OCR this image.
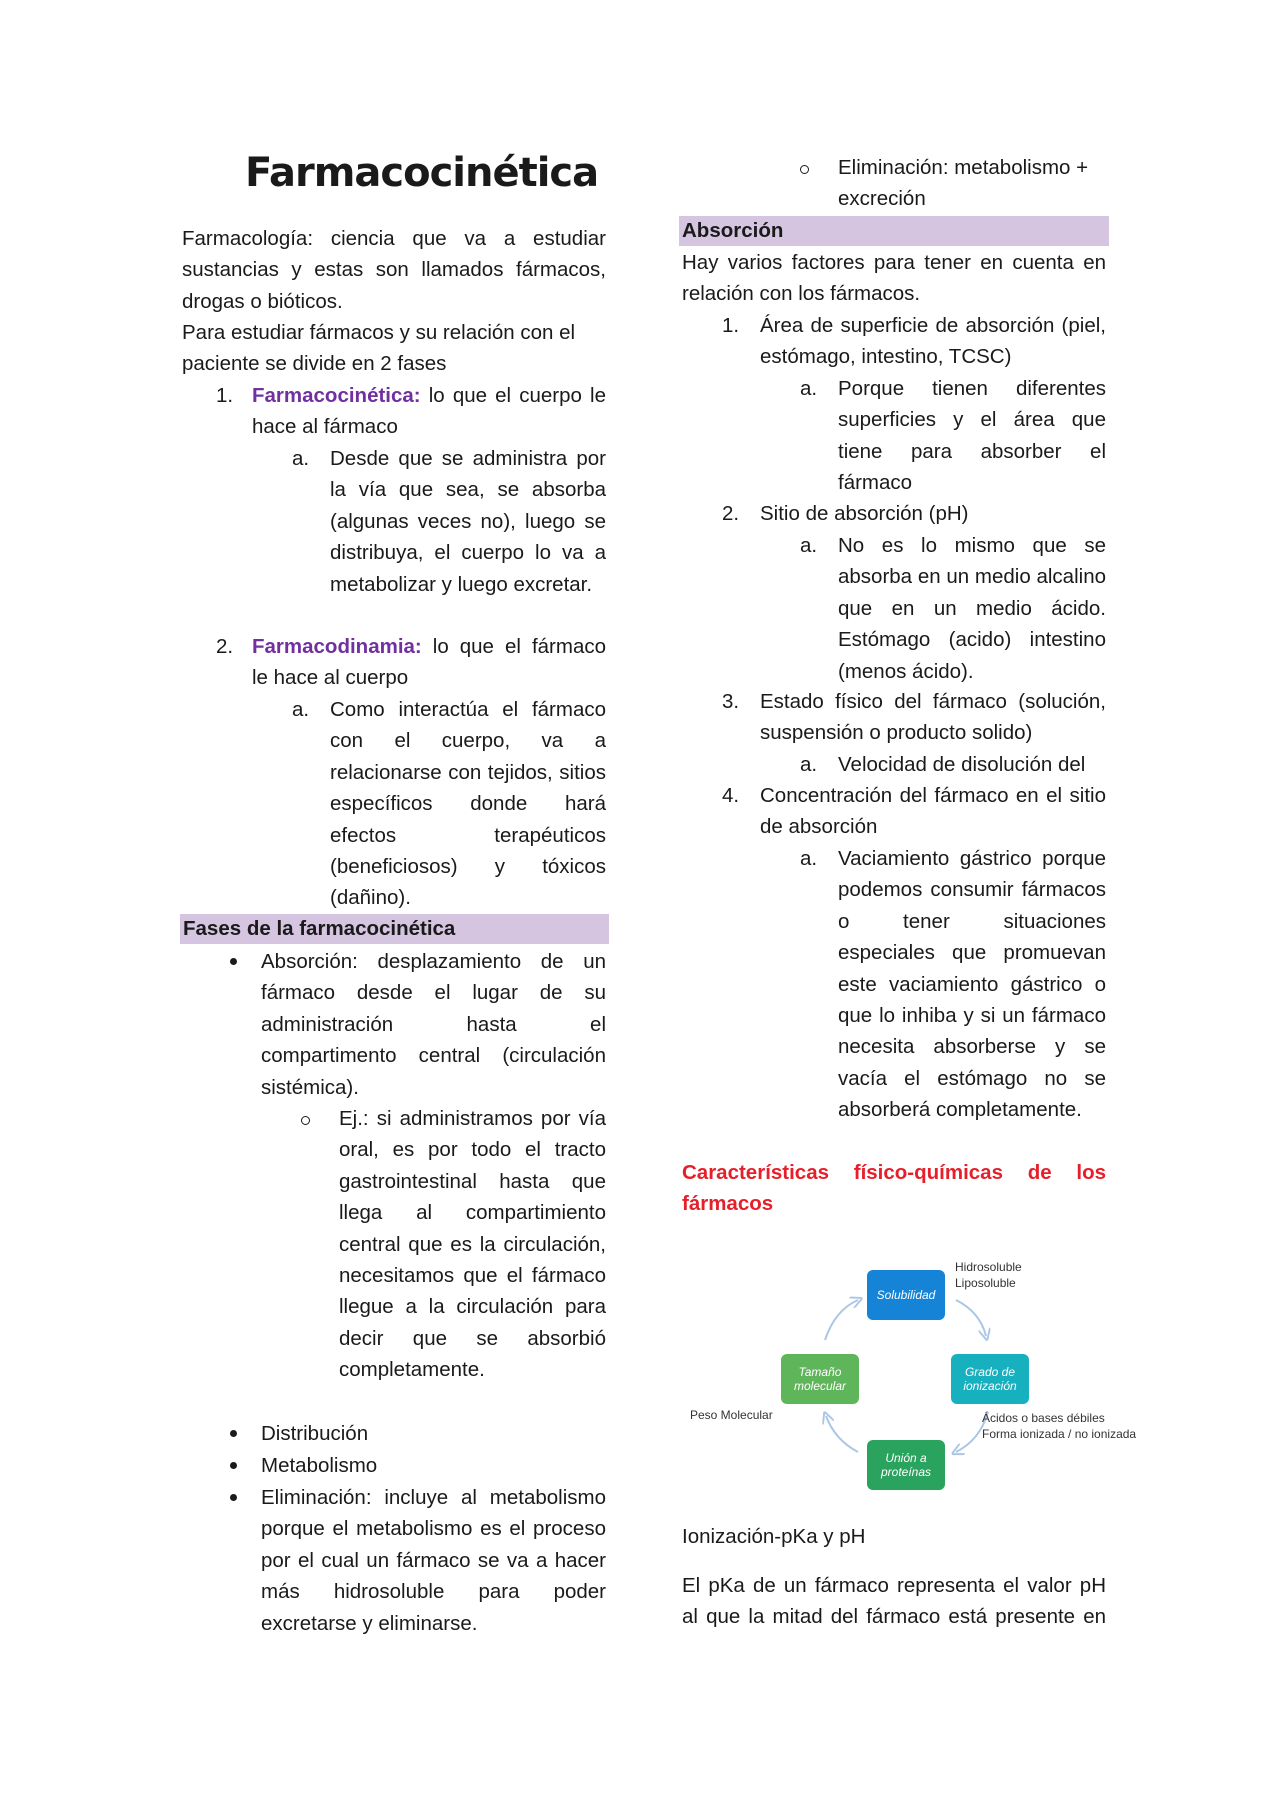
Farmacocinética
Farmacología: ciencia que va a estudiar sustancias y estas son llamados fármacos, drogas o bióticos.
Para estudiar fármacos y su relación con el paciente se divide en 2 fases
1. Farmacocinética: lo que el cuerpo le hace al fármaco
a. Desde que se administra por la vía que sea, se absorba (algunas veces no), luego se distribuya, el cuerpo lo va a metabolizar y luego excretar.
2. Farmacodinamia: lo que el fármaco le hace al cuerpo
a. Como interactúa el fármaco con el cuerpo, va a relacionarse con tejidos, sitios específicos donde hará efectos terapéuticos (beneficiosos) y tóxicos (dañino).
Fases de la farmacocinética
Absorción: desplazamiento de un fármaco desde el lugar de su administración hasta el compartimento central (circulación sistémica).
Ej.: si administramos por vía oral, es por todo el tracto gastrointestinal hasta que llega al compartimiento central que es la circulación, necesitamos que el fármaco llegue a la circulación para decir que se absorbió completamente.
Distribución
Metabolismo
Eliminación: incluye al metabolismo porque el metabolismo es el proceso por el cual un fármaco se va a hacer más hidrosoluble para poder excretarse y eliminarse.
Eliminación: metabolismo + excreción
Absorción
Hay varios factores para tener en cuenta en relación con los fármacos.
1. Área de superficie de absorción (piel, estómago, intestino, TCSC)
a. Porque tienen diferentes superficies y el área que tiene para absorber el fármaco
2. Sitio de absorción (pH)
a. No es lo mismo que se absorba en un medio alcalino que en un medio ácido. Estómago (acido) intestino (menos ácido).
3. Estado físico del fármaco (solución, suspensión o producto solido)
a. Velocidad de disolución del
4. Concentración del fármaco en el sitio de absorción
a. Vaciamiento gástrico porque podemos consumir fármacos o tener situaciones especiales que promuevan este vaciamiento gástrico o que lo inhiba y si un fármaco necesita absorberse y se vacía el estómago no se absorberá completamente.
Características físico-químicas de los fármacos
Solubilidad
Tamaño molecular
Grado de ionización
Unión a proteínas
Hidrosoluble
Liposoluble
Peso Molecular	Ácidos o bases débiles
Forma ionizada / no ionizada
Ionización-pKa y pH
El pKa de un fármaco representa el valor pH al que la mitad del fármaco está presente en
